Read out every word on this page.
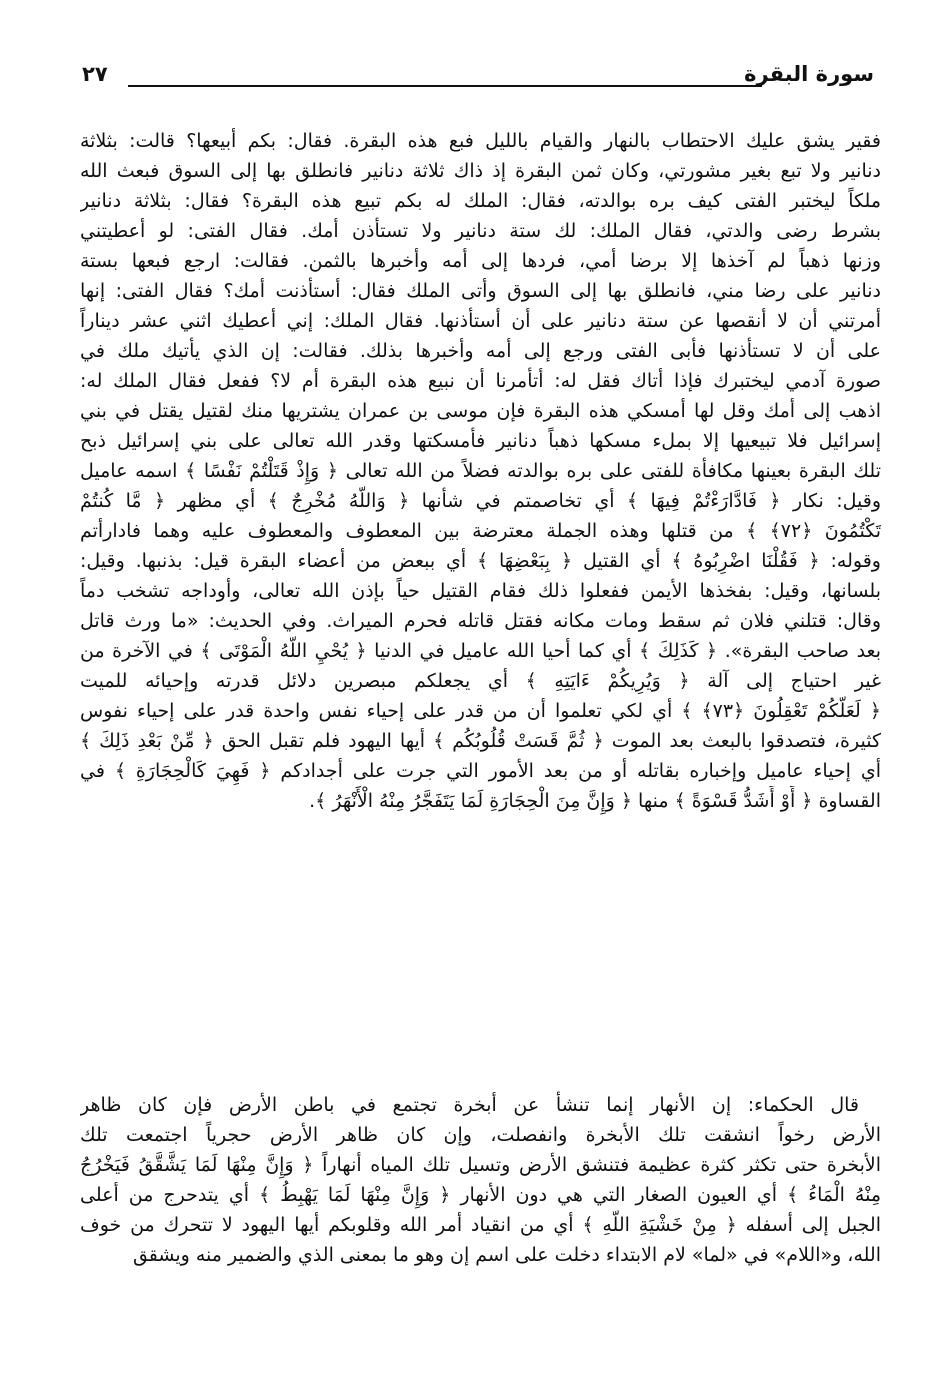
سورة البقرة
٢٧
فقير يشق عليك الاحتطاب بالنهار والقيام بالليل فبع هذه البقرة. فقال: بكم أبيعها؟ قالت: بثلاثة
دنانير ولا تبع بغير مشورتي، وكان ثمن البقرة إذ ذاك ثلاثة دنانير فانطلق بها إلى السوق فبعث الله
ملكاً ليختبر الفتى كيف بره بوالدته، فقال: الملك له بكم تبيع هذه البقرة؟ فقال: بثلاثة دنانير
بشرط رضى والدتي، فقال الملك: لك ستة دنانير ولا تستأذن أمك. فقال الفتى: لو أعطيتني
وزنها ذهباً لم آخذها إلا برضا أمي، فردها إلى أمه وأخبرها بالثمن. فقالت: ارجع فبعها بستة
دنانير على رضا مني، فانطلق بها إلى السوق وأتى الملك فقال: أستأذنت أمك؟ فقال الفتى: إنها
أمرتني أن لا أنقصها عن ستة دنانير على أن أستأذنها. فقال الملك: إني أعطيك اثني عشر ديناراً
على أن لا تستأذنها فأبى الفتى ورجع إلى أمه وأخبرها بذلك. فقالت: إن الذي يأتيك ملك في
صورة آدمي ليختبرك فإذا أتاك فقل له: أتأمرنا أن نبيع هذه البقرة أم لا؟ ففعل فقال الملك له:
اذهب إلى أمك وقل لها أمسكي هذه البقرة فإن موسى بن عمران يشتريها منك لقتيل يقتل في بني
إسرائيل فلا تبيعيها إلا بملء مسكها ذهباً دنانير فأمسكتها وقدر الله تعالى على بني إسرائيل ذبح
تلك البقرة بعينها مكافأة للفتى على بره بوالدته فضلاً من الله تعالى ﴿ وَإِذْ قَتَلْتُمْ نَفْسًا ﴾ اسمه عاميل
وقيل: نكار ﴿ فَادَّارَءْتُمْ فِيهَا ﴾ أي تخاصمتم في شأنها ﴿ وَاللَّهُ مُخْرِجٌ ﴾ أي مظهر ﴿ مَّا كُنتُمْ
تَكْتُمُونَ ﴿٧٢﴾ ﴾ من قتلها وهذه الجملة معترضة بين المعطوف والمعطوف عليه وهما فادارأتم
وقوله: ﴿ فَقُلْنَا اضْرِبُوهُ ﴾ أي القتيل ﴿ بِبَعْضِهَا ﴾ أي ببعض من أعضاء البقرة قيل: بذنبها. وقيل:
بلسانها، وقيل: بفخذها الأيمن ففعلوا ذلك فقام القتيل حياً بإذن الله تعالى، وأوداجه تشخب دماً
وقال: قتلني فلان ثم سقط ومات مكانه فقتل قاتله فحرم الميراث. وفي الحديث: «ما ورث قاتل
بعد صاحب البقرة». ﴿ كَذَلِكَ ﴾ أي كما أحيا الله عاميل في الدنيا ﴿ يُحْيِ اللَّهُ الْمَوْتَى ﴾ في الآخرة من
غير احتياج إلى آلة ﴿ وَيُرِيكُمْ ءَايَتِهِ ﴾ أي يجعلكم مبصرين دلائل قدرته وإحيائه للميت
﴿ لَعَلَّكُمْ تَعْقِلُونَ ﴿٧٣﴾ ﴾ أي لكي تعلموا أن من قدر على إحياء نفس واحدة قدر على إحياء نفوس
كثيرة، فتصدقوا بالبعث بعد الموت ﴿ ثُمَّ قَسَتْ قُلُوبُكُم ﴾ أيها اليهود فلم تقبل الحق ﴿ مِّنْ بَعْدِ ذَلِكَ ﴾
أي إحياء عاميل وإخباره بقاتله أو من بعد الأمور التي جرت على أجدادكم ﴿ فَهِيَ كَالْحِجَارَةِ ﴾ في
القساوة ﴿ أَوْ أَشَدُّ قَسْوَةً ﴾ منها ﴿ وَإِنَّ مِنَ الْحِجَارَةِ لَمَا يَتَفَجَّرُ مِنْهُ الْأَنْهَرُ ﴾.
قال الحكماء: إن الأنهار إنما تنشأ عن أبخرة تجتمع في باطن الأرض فإن كان ظاهر
الأرض رخواً انشقت تلك الأبخرة وانفصلت، وإن كان ظاهر الأرض حجرياً اجتمعت تلك
الأبخرة حتى تكثر كثرة عظيمة فتنشق الأرض وتسيل تلك المياه أنهاراً ﴿ وَإِنَّ مِنْهَا لَمَا يَشَّقَّقُ فَيَخْرُجُ
مِنْهُ الْمَاءُ ﴾ أي العيون الصغار التي هي دون الأنهار ﴿ وَإِنَّ مِنْهَا لَمَا يَهْبِطُ ﴾ أي يتدحرج من أعلى
الجبل إلى أسفله ﴿ مِنْ خَشْيَةِ اللَّهِ ﴾ أي من انقياد أمر الله وقلوبكم أيها اليهود لا تتحرك من خوف
الله، و«اللام» في «لما» لام الابتداء دخلت على اسم إن وهو ما بمعنى الذي والضمير منه ويشقق
